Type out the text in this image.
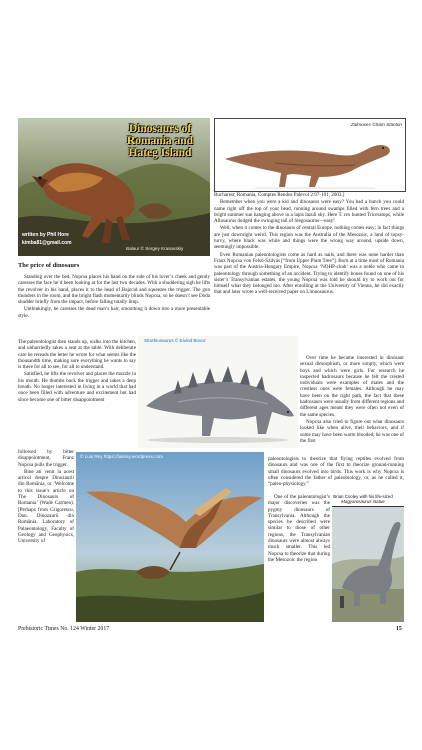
Dinosaurs of Romania and Hateg Island
written by Phil Hore
kimba81@gmail.com
Balaur © Sergey Krasovskiy
Zalmoxes ©Sam Stanton

Bucharest, Romania, Comptes Rendus Palevol 2:97-101, 2003.]

Remember when you were a kid and dinosaurs were easy? You had a bunch you could name right off the top of your head, running around swamps filled with fern trees and a bright summer sun hanging above in a lapis lazuli sky. Here T. rex hunted Triceratops, while Allosaurus dodged the swinging tail of Stegosaurus—easy!

Well, when it comes to the dinosaurs of central Europe, nothing comes easy; in fact things are just downright weird. This region was the Australia of the Mesozoic, a land of topsy-turvy, where black was white and things were the wrong way around, upside down, seemingly impossible.

Even Romanian paleontologists come as hard as nails, and there was none harder than Franz Nopcsa von Felső-Szilvás [“from Upper Plum Tree”]. Born at a time most of Romania was part of the Austria-Hungary Empire, Nopcsa ‘NOHP-chah’ was a noble who came to paleontology through something of an accident. Trying to identify bones found on one of his sister’s Transylvanian estates, the young Nopcsa was told he should try to work out for himself what they belonged too. After enrolling at the University of Vienna, he did exactly that and later wrote a well-received paper on Limnosaurus.

The price of dinosaurs

Standing over the bed, Nopcsa places his hand on the side of his lover’s cheek and gently caresses the face he’d been looking at for the last two decades. With a shuddering sigh he lifts the revolver in his hand, places it to the head of Bajzcid and squeezes the trigger. The gun thunders in the room, and the bright flash momentarily blinds Nopcsa; so he doesn’t see Doda shudder briefly from the impact, before falling totally limp.

Unthinkingly, he caresses the dead man’s hair, smoothing it down into a more presentable style.

The paleontologist then stands up, walks into the kitchen, and unhurriedly takes a seat at the table. With deliberate care he rereads the letter he wrote for what seems like the thousandth time, making sure everything he wants to say is there for all to see, for all to understand.

Satisfied, he lifts the revolver and places the muzzle in his mouth. He thumbs back the trigger and takes a deep breath. No longer interested in living in a world that had once been filled with adventure and excitement but had since become one of bitter disappointment

Struthiosaurus © Eivind Bovor

Over time he became interested in dinosaur sexual dimorphism, or more simply, which were boys and which were girls. For research he inspected hadrosaurs because he felt the crested individuals were examples of males and the crestless ones were females. Although he may have been on the right path, the fact that these hadrosaurs were usually from different regions and different ages meant they were often not even of the same species.

Nopcsa also tried to figure out what dinosaurs looked like when alive, their behaviors, and if some may have been warm blooded; he was one of the first

followed by bitter disappointment, Franz Nopcsa pulls the trigger.

Bine ati venit la acest articol despre Dinozaurii din România, or ‘Welcome to this issue’s article on The Dinosaurs of Romania’ (Wade Carmen). [Perhaps from Grigorescu, Dan. Dinozaurii din România. Laboratory of Palaeontology, Faculty of Geology and Geophysics, University of

© Luis Rey https://luisrey.wordpress.com	paleontologists to theorize that flying reptiles evolved from dinosaurs and was one of the first to theorize ground-running small dinosaurs evolved into birds. This work is why Nopcsa is often considered the father of paleobiology, or, as he called it, “paleo-physiology.”

One of the paleontologist’s major discoveries was the pygmy dinosaurs of Transylvania. Although the species he described were similar to those of other regions, the Transylvanian dinosaurs were almost always much smaller. This led Nopcsa to theorize that during the Mesozoic the region

Brian Cooley with his life-sized
Magyarosaurus statue
Prehistoric Times No. 124 Winter 2017	15
